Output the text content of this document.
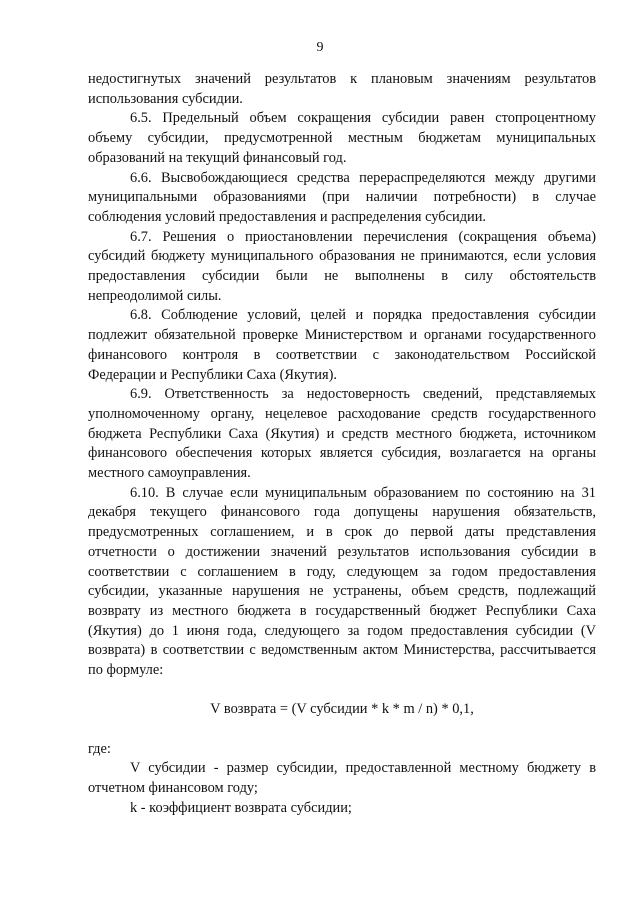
9

недостигнутых значений результатов к плановым значениям результатов использования субсидии.

6.5. Предельный объем сокращения субсидии равен стопроцентному объему субсидии, предусмотренной местным бюджетам муниципальных образований на текущий финансовый год.

6.6. Высвобождающиеся средства перераспределяются между другими муниципальными образованиями (при наличии потребности) в случае соблюдения условий предоставления и распределения субсидии.

6.7. Решения о приостановлении перечисления (сокращения объема) субсидий бюджету муниципального образования не принимаются, если условия предоставления субсидии были не выполнены в силу обстоятельств непреодолимой силы.

6.8. Соблюдение условий, целей и порядка предоставления субсидии подлежит обязательной проверке Министерством и органами государственного финансового контроля в соответствии с законодательством Российской Федерации и Республики Саха (Якутия).

6.9. Ответственность за недостоверность сведений, представляемых уполномоченному органу, нецелевое расходование средств государственного бюджета Республики Саха (Якутия) и средств местного бюджета, источником финансового обеспечения которых является субсидия, возлагается на органы местного самоуправления.

6.10. В случае если муниципальным образованием по состоянию на 31 декабря текущего финансового года допущены нарушения обязательств, предусмотренных соглашением, и в срок до первой даты представления отчетности о достижении значений результатов использования субсидии в соответствии с соглашением в году, следующем за годом предоставления субсидии, указанные нарушения не устранены, объем средств, подлежащий возврату из местного бюджета в государственный бюджет Республики Саха (Якутия) до 1 июня года, следующего за годом предоставления субсидии (V возврата) в соответствии с ведомственным актом Министерства, рассчитывается по формуле:

V возврата = (V субсидии * k * m / n) * 0,1,

где:

V субсидии - размер субсидии, предоставленной местному бюджету в отчетном финансовом году;

k - коэффициент возврата субсидии;
